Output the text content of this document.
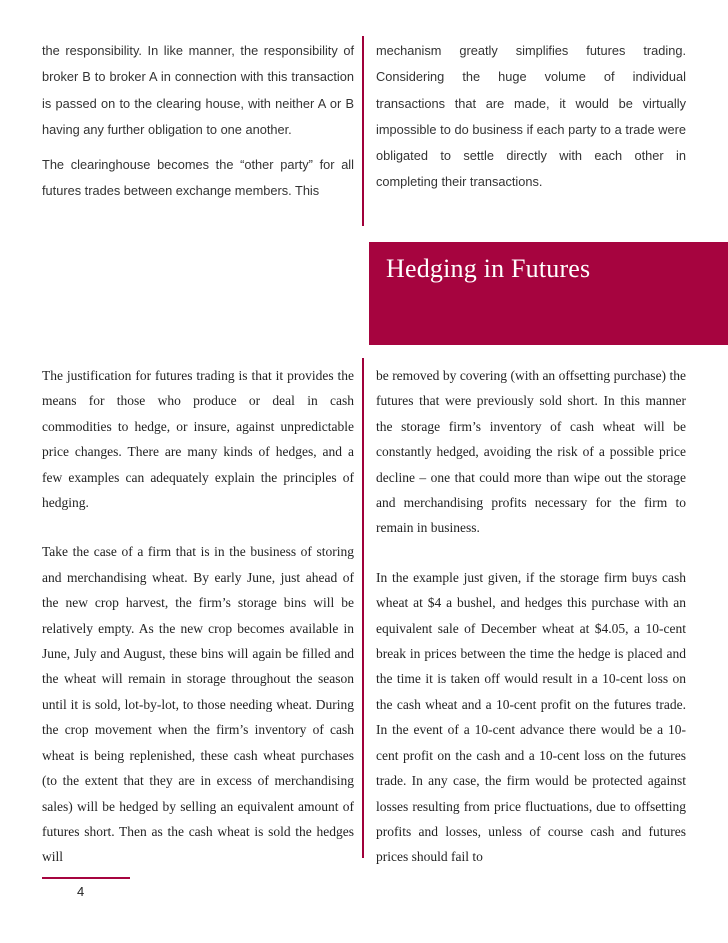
the responsibility. In like manner, the responsibility of broker B to broker A in connection with this transaction is passed on to the clearing house, with neither A or B having any further obligation to one another.

The clearinghouse becomes the “other party” for all futures trades between exchange members. This

mechanism greatly simplifies futures trading. Considering the huge volume of individual transactions that are made, it would be virtually impossible to do business if each party to a trade were obligated to settle directly with each other in completing their transactions.

Hedging in Futures

The justification for futures trading is that it provides the means for those who produce or deal in cash commodities to hedge, or insure, against unpredictable price changes. There are many kinds of hedges, and a few examples can adequately explain the principles of hedging.

Take the case of a firm that is in the business of storing and merchandising wheat. By early June, just ahead of the new crop harvest, the firm’s storage bins will be relatively empty. As the new crop becomes available in June, July and August, these bins will again be filled and the wheat will remain in storage throughout the season until it is sold, lot-by-lot, to those needing wheat. During the crop movement when the firm’s inventory of cash wheat is being replenished, these cash wheat purchases (to the extent that they are in excess of merchandising sales) will be hedged by selling an equivalent amount of futures short. Then as the cash wheat is sold the hedges will

be removed by covering (with an offsetting purchase) the futures that were previously sold short. In this manner the storage firm’s inventory of cash wheat will be constantly hedged, avoiding the risk of a possible price decline – one that could more than wipe out the storage and merchandising profits necessary for the firm to remain in business.

In the example just given, if the storage firm buys cash wheat at $4 a bushel, and hedges this purchase with an equivalent sale of December wheat at $4.05, a 10-cent break in prices between the time the hedge is placed and the time it is taken off would result in a 10-cent loss on the cash wheat and a 10-cent profit on the futures trade. In the event of a 10-cent advance there would be a 10-cent profit on the cash and a 10-cent loss on the futures trade. In any case, the firm would be protected against losses resulting from price fluctuations, due to offsetting profits and losses, unless of course cash and futures prices should fail to

4
